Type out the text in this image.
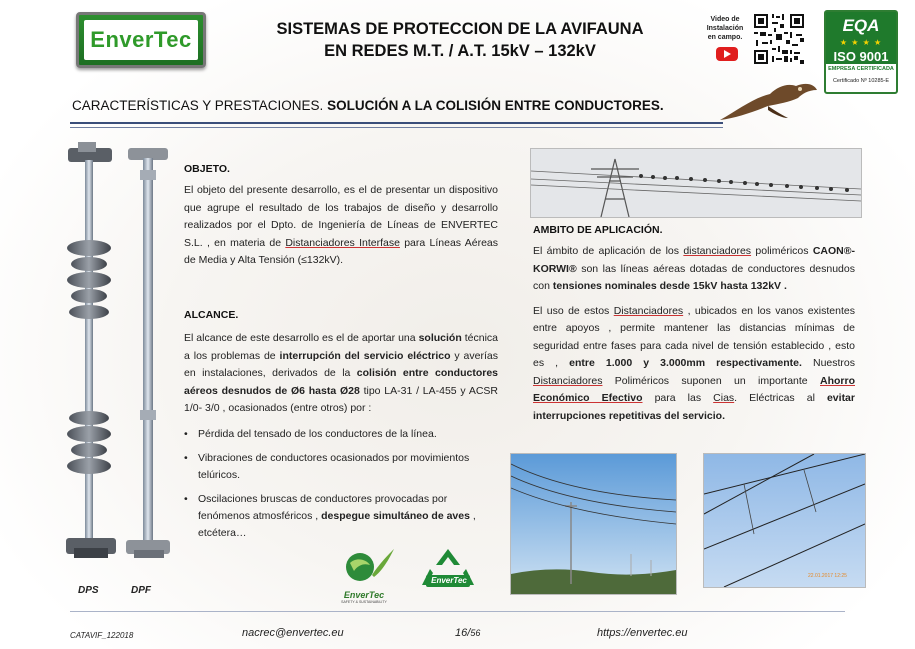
EnverTec	SISTEMAS DE PROTECCION DE LA AVIFAUNA
EN REDES M.T. / A.T. 15kV – 132kV
Video de
Instalación
en campo.
EQA
★ ★ ★ ★
ISO 9001
EMPRESA CERTIFICADA
Certificado Nº 10285-E
CARACTERÍSTICAS Y PRESTACIONES. SOLUCIÓN A LA COLISIÓN ENTRE CONDUCTORES.
DPS	DPF
OBJETO.
El objeto del presente desarrollo, es el de presentar un dispositivo que agrupe el resultado de los trabajos de diseño y desarrollo realizados por el Dpto. de Ingeniería de Líneas de ENVERTEC S.L. , en materia de Distanciadores Interfase para Líneas Aéreas de Media y Alta Tensión (≤132kV).
ALCANCE.
El alcance de este desarrollo es el de aportar una solución técnica a los problemas de interrupción del servicio eléctrico y averías en instalaciones, derivados de la colisión entre conductores aéreos desnudos de Ø6 hasta Ø28 tipo LA-31 / LA-455 y ACSR 1/0- 3/0 , ocasionados (entre otros) por :
• Pérdida del tensado de los conductores de la línea.
• Vibraciones de conductores ocasionados por movimientos telúricos.
• Oscilaciones bruscas de conductores provocadas por fenómenos atmosféricos , despegue simultáneo de aves , etcétera…
EnverTec
SAFETY & SUSTAINABILITY
EnverTec
AMBITO DE APLICACIÓN.
El ámbito de aplicación de los distanciadores poliméricos CAON®-KORWI® son las líneas aéreas dotadas de conductores desnudos con tensiones nominales desde 15kV hasta 132kV .
El uso de estos Distanciadores , ubicados en los vanos existentes entre apoyos , permite mantener las distancias mínimas de seguridad entre fases para cada nivel de tensión establecido , esto es , entre 1.000 y 3.000mm respectivamente. Nuestros Distanciadores Poliméricos suponen un importante Ahorro Económico Efectivo para las Cias. Eléctricas al evitar interrupciones repetitivas del servicio.
22.01.2017 12:25
CATAVIF_122018	nacrec@envertec.eu	16/56	https://envertec.eu
